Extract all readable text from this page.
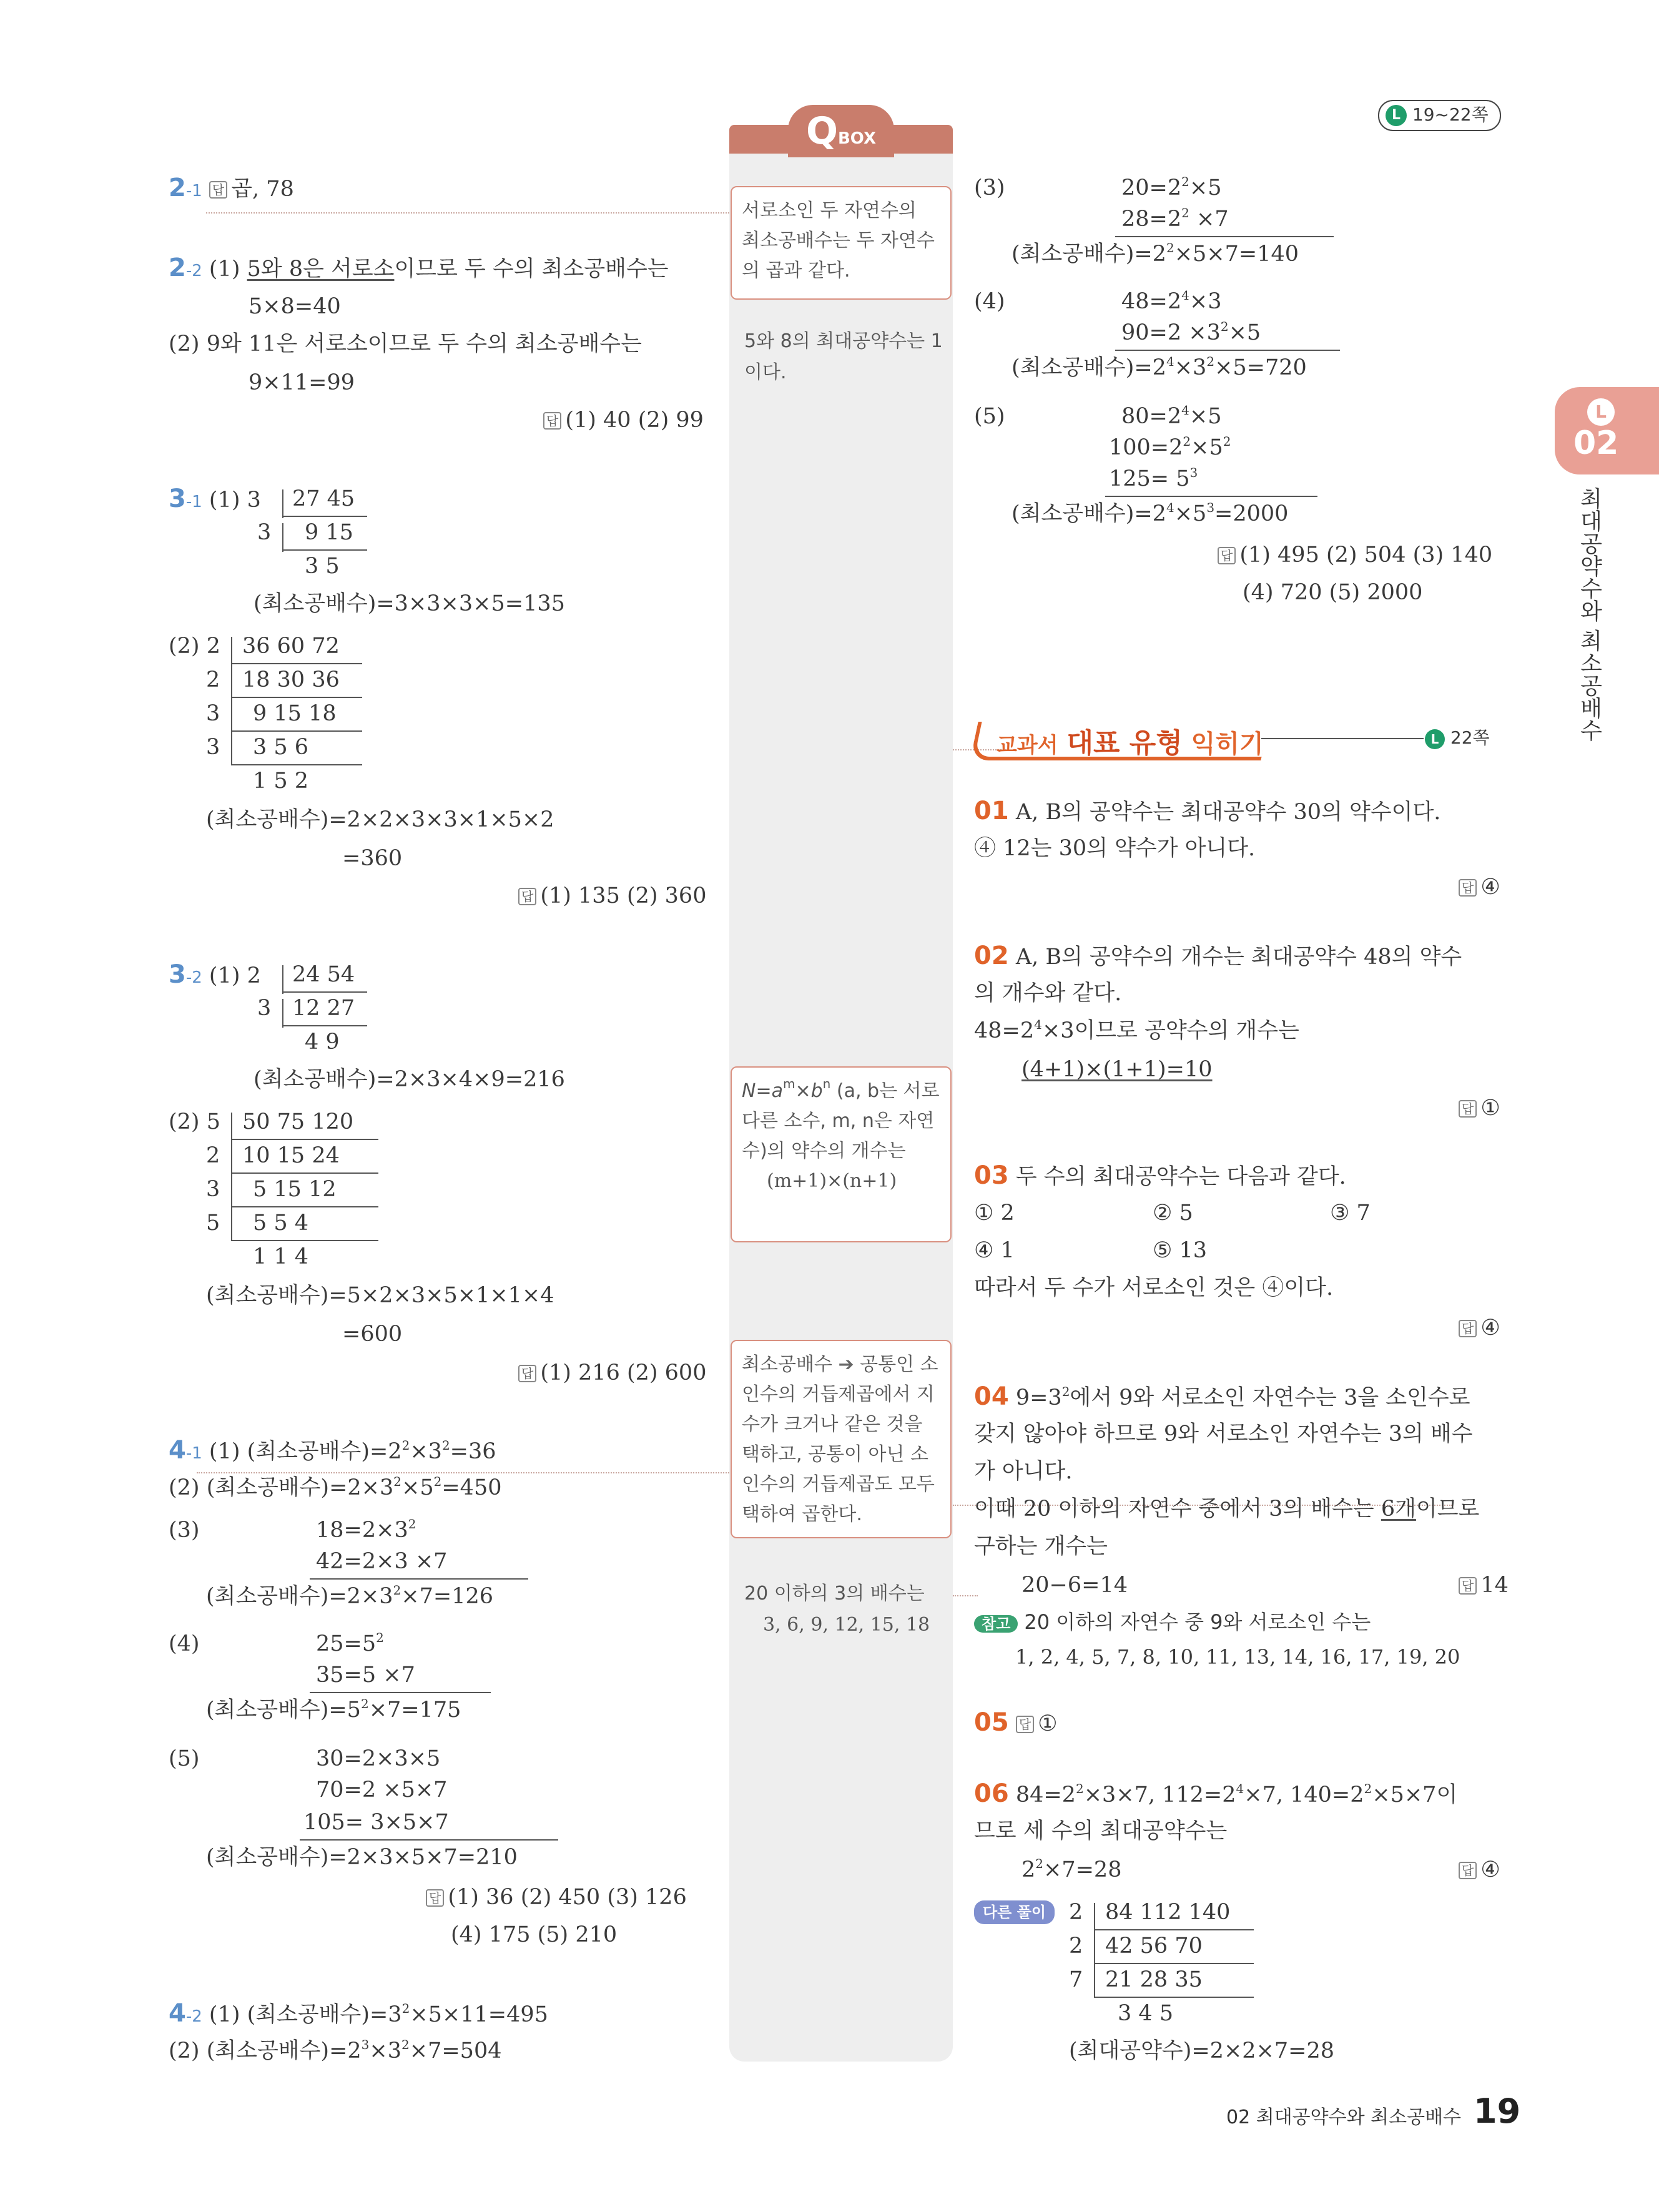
L 19~22쪽
L
02
최대공약수와 최소공배수
QBOX
서로소인 두 자연수의 최소공배수는 두 자연수의 곱과 같다.
5와 8의 최대공약수는 1이다.
$N=a^m\times b^n$ (a, b는 서로 다른 소수, m, n은 자연수)의 약수의 개수는
(m+1)×(n+1)
최소공배수 ➔ 공통인 소인수의 거듭제곱에서 지수가 크거나 같은 것을 택하고, 공통이 아닌 소인수의 거듭제곱도 모두 택하여 곱한다.
20 이하의 3의 배수는
3, 6, 9, 12, 15, 18
2-1 답 곱, 78
2-2 (1) 5와 8은 서로소이므로 두 수의 최소공배수는
5×8=40
(2) 9와 11은 서로소이므로 두 수의 최소공배수는
9×11=99
답 (1) 40 (2) 99
3-1 (1) 3 27 45
3 9 15
3 5
(최소공배수)=3×3×3×5=135
(2) 2 36 60 72
2 18 30 36
3 9 15 18
3 3 5 6
1 5 2
(최소공배수)=2×2×3×3×1×5×2
=360
답 (1) 135 (2) 360
3-2 (1) 2 24 54
3 12 27
4 9
(최소공배수)=2×3×4×9=216
(2) 5 50 75 120
2 10 15 24
3 5 15 12
5 5 5 4
1 1 4
(최소공배수)=5×2×3×5×1×1×4
=600
답 (1) 216 (2) 600
4-1 (1) (최소공배수)$=2^2\times 3^2=36$
(2) (최소공배수)$=2\times 3^2\times 5^2=450$
(3)	$18=2\times 3^2$
42=2×3 ×7
(최소공배수)$=2\times 3^2\times 7=126$
(4)	$25=5^2$
35=5 ×7
(최소공배수)$=5^2\times 7=175$
(5)	30=2×3×5
70=2 ×5×7
105= 3×5×7
(최소공배수)=2×3×5×7=210
답 (1) 36 (2) 450 (3) 126
(4) 175 (5) 210
4-2 (1) (최소공배수)$=3^2\times 5\times 11=495$
(2) (최소공배수)$=2^3\times 3^2\times 7=504$
(3)	$20=2^2\times 5$
$28=2^2 \times 7$
(최소공배수)$=2^2\times 5\times 7=140$
(4)	$48=2^4\times 3$
$90=2 \times 3^2\times 5$
(최소공배수)$=2^4\times 3^2\times 5=720$
(5)	$80=2^4\times 5$
$100=2^2\times 5^2$
$125= 5^3$
(최소공배수)$=2^4\times 5^3=2000$
답 (1) 495 (2) 504 (3) 140
(4) 720 (5) 2000
교과서 대표 유형 익히기	L 22쪽
01 A, B의 공약수는 최대공약수 30의 약수이다.
④ 12는 30의 약수가 아니다.
답 ④
02 A, B의 공약수의 개수는 최대공약수 48의 약수
의 개수와 같다.
$48=2^4\times 3$이므로 공약수의 개수는
(4+1)×(1+1)=10
답 ①
03 두 수의 최대공약수는 다음과 같다.
① 2	② 5	③ 7
④ 1	⑤ 13
따라서 두 수가 서로소인 것은 ④이다.
답 ④
04 $9=3^2$에서 9와 서로소인 자연수는 3을 소인수로
갖지 않아야 하므로 9와 서로소인 자연수는 3의 배수
가 아니다.
이때 20 이하의 자연수 중에서 3의 배수는 6개이므로
구하는 개수는
20−6=14	답 14
참고 20 이하의 자연수 중 9와 서로소인 수는
1, 2, 4, 5, 7, 8, 10, 11, 13, 14, 16, 17, 19, 20
05 답 ①
06 $84=2^2\times 3\times 7$, $112=2^4\times 7$, $140=2^2\times 5\times 7$이
므로 세 수의 최대공약수는
$2^2\times 7=28$	답 ④
다른 풀이	2 84 112 140
2 42 56 70
7 21 28 35
3 4 5
(최대공약수)=2×2×7=28
02 최대공약수와 최소공배수 19
